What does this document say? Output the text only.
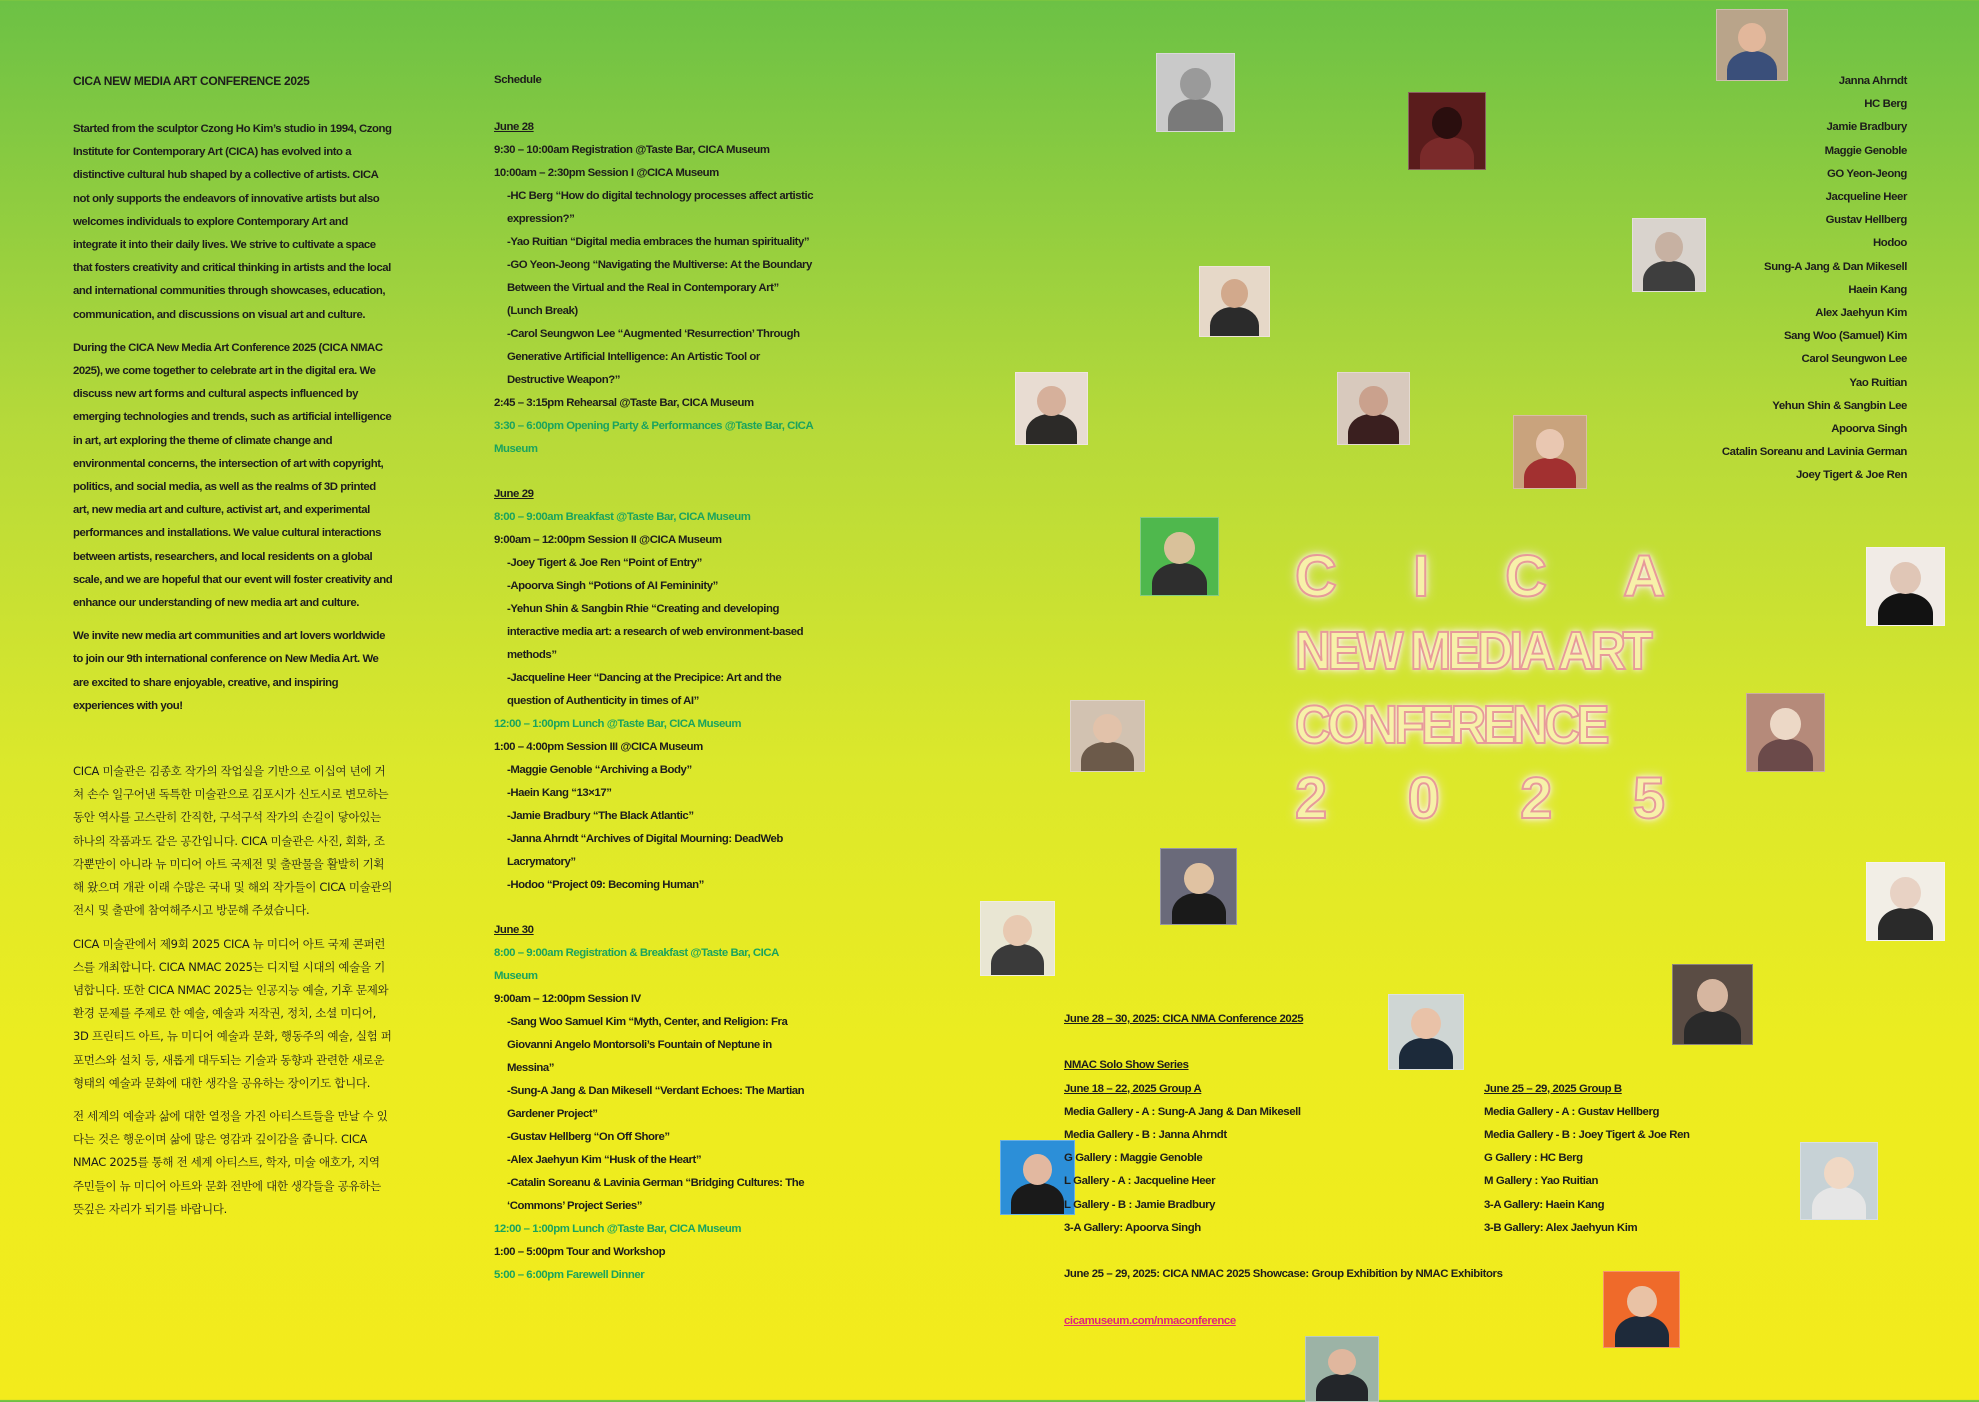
CICA NEW MEDIA ART CONFERENCE 2025

Started from the sculptor Czong Ho Kim’s studio in 1994, Czong Institute for Contemporary Art (CICA) has evolved into a distinctive cultural hub shaped by a collective of artists. CICA not only supports the endeavors of innovative artists but also welcomes individuals to explore Contemporary Art and integrate it into their daily lives. We strive to cultivate a space that fosters creativity and critical thinking in artists and the local and international communities through showcases, education, communication, and discussions on visual art and culture.

During the CICA New Media Art Conference 2025 (CICA NMAC 2025), we come together to celebrate art in the digital era. We discuss new art forms and cultural aspects influenced by emerging technologies and trends, such as artificial intelligence in art, art exploring the theme of climate change and environmental concerns, the intersection of art with copyright, politics, and social media, as well as the realms of 3D printed art, new media art and culture, activist art, and experimental performances and installations. We value cultural interactions between artists, researchers, and local residents on a global scale, and we are hopeful that our event will foster creativity and enhance our understanding of new media art and culture.

We invite new media art communities and art lovers worldwide to join our 9th international conference on New Media Art. We are excited to share enjoyable, creative, and inspiring experiences with you!

CICA 미술관은 김종호 작가의 작업실을 기반으로 이십여 년에 거쳐 손수 일구어낸 독특한 미술관으로 김포시가 신도시로 변모하는 동안 역사를 고스란히 간직한, 구석구석 작가의 손길이 닿아있는 하나의 작품과도 같은 공간입니다. CICA 미술관은 사진, 회화, 조각뿐만이 아니라 뉴 미디어 아트 국제전 및 출판물을 활발히 기획해 왔으며 개관 이래 수많은 국내 및 해외 작가들이 CICA 미술관의 전시 및 출판에 참여해주시고 방문해 주셨습니다.

CICA 미술관에서 제9회 2025 CICA 뉴 미디어 아트 국제 콘퍼런스를 개최합니다. CICA NMAC 2025는 디지털 시대의 예술을 기념합니다. 또한 CICA NMAC 2025는 인공지능 예술, 기후 문제와 환경 문제를 주제로 한 예술, 예술과 저작권, 정치, 소셜 미디어, 3D 프린티드 아트, 뉴 미디어 예술과 문화, 행동주의 예술, 실험 퍼포먼스와 설치 등, 새롭게 대두되는 기술과 동향과 관련한 새로운 형태의 예술과 문화에 대한 생각을 공유하는 장이기도 합니다.

전 세계의 예술과 삶에 대한 열정을 가진 아티스트들을 만날 수 있다는 것은 행운이며 삶에 많은 영감과 깊이감을 줍니다. CICA NMAC 2025를 통해 전 세계 아티스트, 학자, 미술 애호가, 지역 주민들이 뉴 미디어 아트와 문화 전반에 대한 생각들을 공유하는 뜻깊은 자리가 되기를 바랍니다.

Schedule
June 28
9:30 – 10:00am Registration @Taste Bar, CICA Museum
10:00am – 2:30pm Session I @CICA Museum
-HC Berg “How do digital technology processes affect artistic expression?”
-Yao Ruitian “Digital media embraces the human spirituality”
-GO Yeon-Jeong “Navigating the Multiverse: At the Boundary Between the Virtual and the Real in Contemporary Art”
(Lunch Break)
-Carol Seungwon Lee “Augmented ‘Resurrection’ Through Generative Artificial Intelligence: An Artistic Tool or Destructive Weapon?”
2:45 – 3:15pm Rehearsal @Taste Bar, CICA Museum
3:30 – 6:00pm Opening Party & Performances @Taste Bar, CICA Museum
June 29
8:00 – 9:00am Breakfast @Taste Bar, CICA Museum
9:00am – 12:00pm Session II @CICA Museum
-Joey Tigert & Joe Ren “Point of Entry”
-Apoorva Singh “Potions of AI Femininity”
-Yehun Shin & Sangbin Rhie “Creating and developing interactive media art: a research of web environment-based methods”
-Jacqueline Heer “Dancing at the Precipice: Art and the question of Authenticity in times of AI”
12:00 – 1:00pm Lunch @Taste Bar, CICA Museum
1:00 – 4:00pm Session III @CICA Museum
-Maggie Genoble “Archiving a Body”
-Haein Kang “13×17”
-Jamie Bradbury “The Black Atlantic”
-Janna Ahrndt “Archives of Digital Mourning: DeadWeb Lacrymatory”
-Hodoo “Project 09: Becoming Human”
June 30
8:00 – 9:00am Registration & Breakfast @Taste Bar, CICA Museum
9:00am – 12:00pm Session IV
-Sang Woo Samuel Kim “Myth, Center, and Religion: Fra Giovanni Angelo Montorsoli’s Fountain of Neptune in Messina”
-Sung-A Jang & Dan Mikesell “Verdant Echoes: The Martian Gardener Project”
-Gustav Hellberg “On Off Shore”
-Alex Jaehyun Kim “Husk of the Heart”
-Catalin Soreanu & Lavinia German “Bridging Cultures: The ‘Commons’ Project Series”
12:00 – 1:00pm Lunch @Taste Bar, CICA Museum
1:00 – 5:00pm Tour and Workshop
5:00 – 6:00pm Farewell Dinner
Janna Ahrndt
HC Berg
Jamie Bradbury
Maggie Genoble
GO Yeon-Jeong
Jacqueline Heer
Gustav Hellberg
Hodoo
Sung-A Jang & Dan Mikesell
Haein Kang
Alex Jaehyun Kim
Sang Woo (Samuel) Kim
Carol Seungwon Lee
Yao Ruitian
Yehun Shin & Sangbin Lee
Apoorva Singh
Catalin Soreanu and Lavinia German
Joey Tigert & Joe Ren
C I C A
NEW MEDIA ART
CONFERENCE
2 0 2 5
June 28 – 30, 2025: CICA NMA Conference 2025

NMAC Solo Show Series
June 18 – 22, 2025 Group A
Media Gallery - A : Sung-A Jang & Dan Mikesell
Media Gallery - B : Janna Ahrndt
G Gallery : Maggie Genoble
L Gallery - A : Jacqueline Heer
L Gallery - B : Jamie Bradbury
3-A Gallery: Apoorva Singh
June 25 – 29, 2025 Group B
Media Gallery - A : Gustav Hellberg
Media Gallery - B : Joey Tigert & Joe Ren
G Gallery : HC Berg
M Gallery : Yao Ruitian
3-A Gallery: Haein Kang
3-B Gallery: Alex Jaehyun Kim

June 25 – 29, 2025: CICA NMAC 2025 Showcase: Group Exhibition by NMAC Exhibitors

cicamuseum.com/nmaconference
